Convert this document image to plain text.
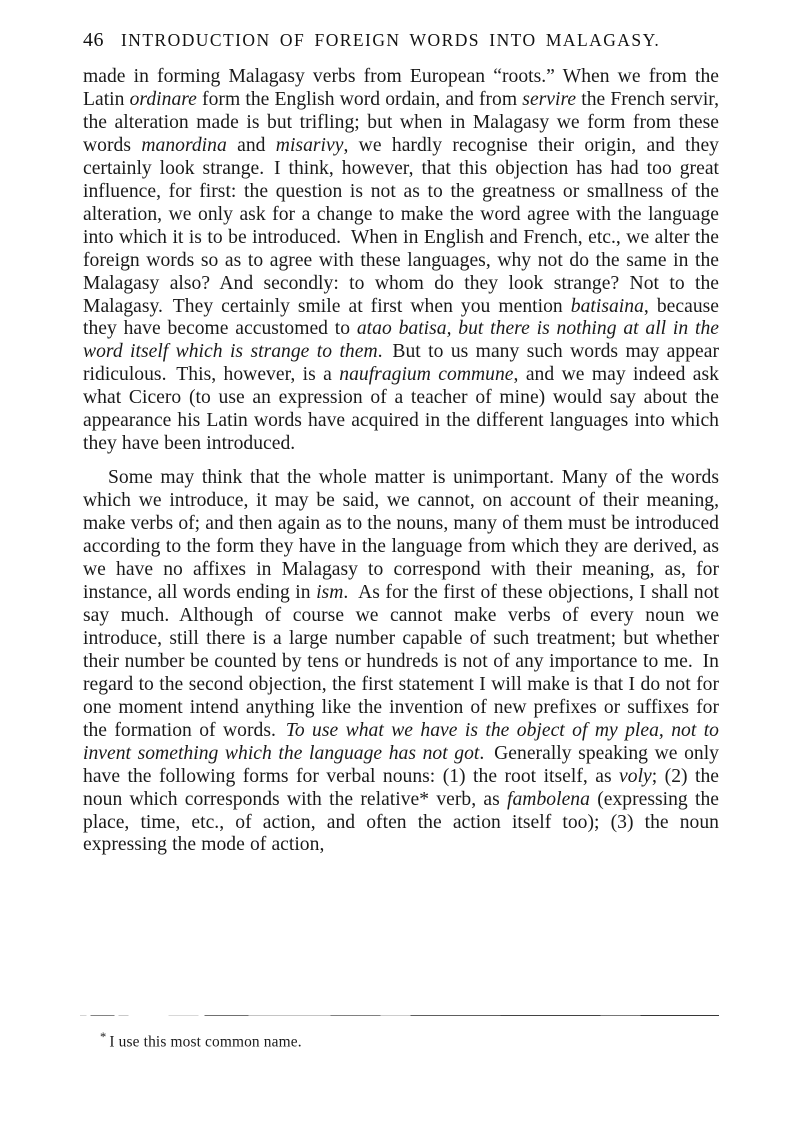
46 INTRODUCTION OF FOREIGN WORDS INTO MALAGASY.

made in forming Malagasy verbs from European “roots.” When we from the Latin ordinare form the English word ordain, and from servire the French servir, the alteration made is but trifling; but when in Malagasy we form from these words manordina and misarivy, we hardly recognise their origin, and they certainly look strange. I think, however, that this objection has had too great influence, for first: the question is not as to the greatness or smallness of the alteration, we only ask for a change to make the word agree with the language into which it is to be introduced. When in English and French, etc., we alter the foreign words so as to agree with these languages, why not do the same in the Malagasy also? And secondly: to whom do they look strange? Not to the Malagasy. They certainly smile at first when you mention batisaina, because they have become accustomed to atao batisa, but there is nothing at all in the word itself which is strange to them. But to us many such words may appear ridiculous. This, however, is a naufragium commune, and we may indeed ask what Cicero (to use an expression of a teacher of mine) would say about the appearance his Latin words have acquired in the different languages into which they have been introduced.

Some may think that the whole matter is unimportant. Many of the words which we introduce, it may be said, we cannot, on account of their meaning, make verbs of; and then again as to the nouns, many of them must be introduced according to the form they have in the language from which they are derived, as we have no affixes in Malagasy to correspond with their meaning, as, for instance, all words ending in ism. As for the first of these objections, I shall not say much. Although of course we cannot make verbs of every noun we introduce, still there is a large number capable of such treatment; but whether their number be counted by tens or hundreds is not of any importance to me. In regard to the second objection, the first statement I will make is that I do not for one moment intend anything like the invention of new prefixes or suffixes for the formation of words. To use what we have is the object of my plea, not to invent something which the language has not got. Generally speaking we only have the following forms for verbal nouns: (1) the root itself, as voly; (2) the noun which corresponds with the relative* verb, as fambolena (expressing the place, time, etc., of action, and often the action itself too); (3) the noun expressing the mode of action,

* I use this most common name.
